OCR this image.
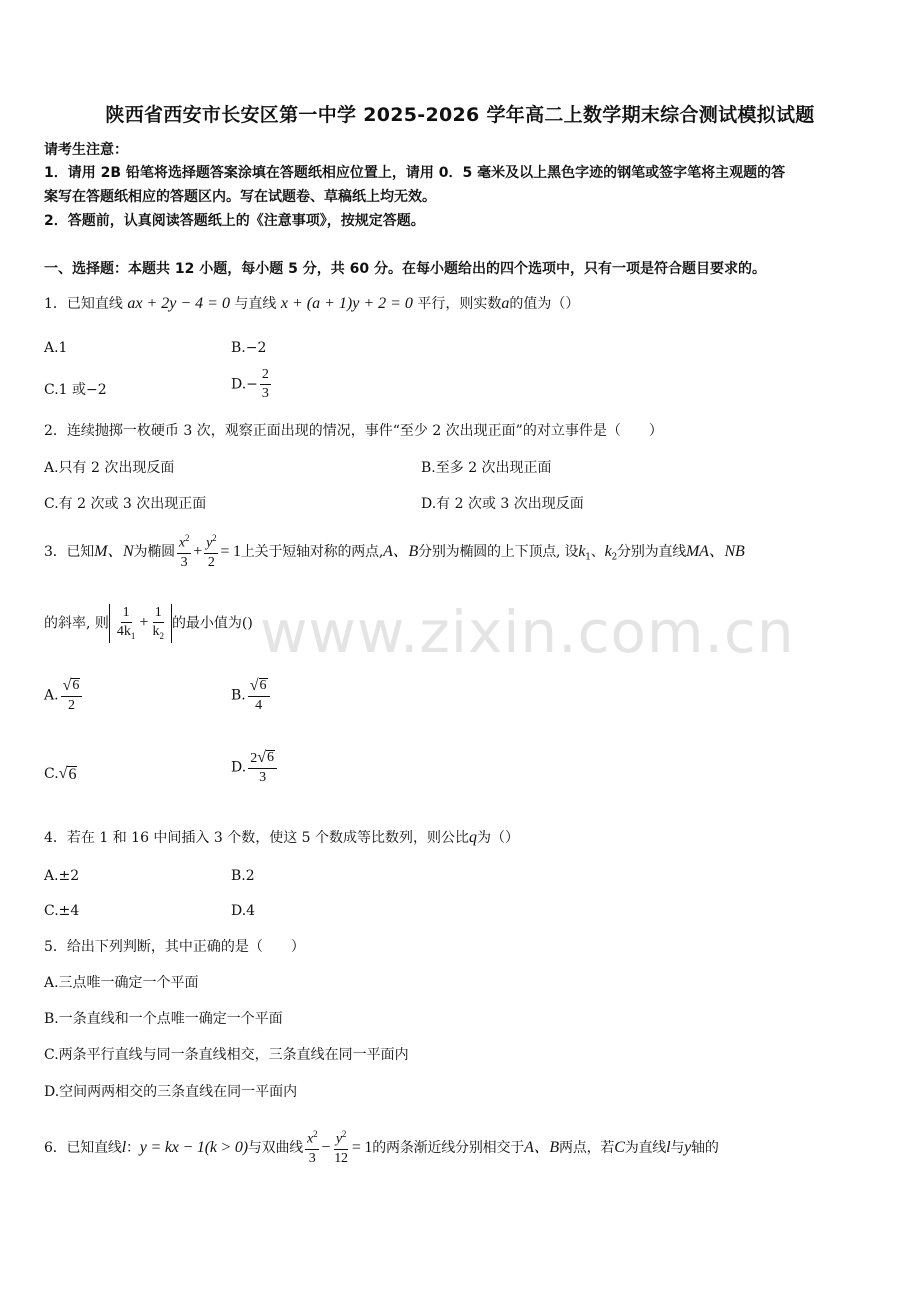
陕西省西安市长安区第一中学 2025-2026 学年高二上数学期末综合测试模拟试题
请考生注意：
1．请用 2B 铅笔将选择题答案涂填在答题纸相应位置上，请用 0．5 毫米及以上黑色字迹的钢笔或签字笔将主观题的答
案写在答题纸相应的答题区内。写在试题卷、草稿纸上均无效。
2．答题前，认真阅读答题纸上的《注意事项》，按规定答题。
一、选择题：本题共 12 小题，每小题 5 分，共 60 分。在每小题给出的四个选项中，只有一项是符合题目要求的。
1．已知直线 ax + 2y − 4 = 0 与直线 x + (a + 1)y + 2 = 0 平行，则实数a的值为（）
A.1	B.−2
C.1 或−2	$D.- \frac{2}{3}$
2．连续抛掷一枚硬币 3 次，观察正面出现的情况，事件“至少 2 次出现正面”的对立事件是（　　）
A.只有 2 次出现反面	B.至多 2 次出现正面
C.有 2 次或 3 次出现正面	D.有 2 次或 3 次出现反面
3．已知M、N为椭圆 $\frac{x^2}{3} + \frac{y^2}{2} = 1$上关于短轴对称的两点,A、B分别为椭圆的上下顶点, 设$k_1$、$k_2$分别为直线MA、NB
的斜率, 则 $\frac{1}{4k_1} + \frac{1}{k_2}$ 的最小值为()
A. $\frac{√ 6}{2}$	B. $\frac{√ 6}{4}$
C. √ 6	D. $\frac{2 √ 6}{3}$
4．若在 1 和 16 中间插入 3 个数，使这 5 个数成等比数列，则公比q为（）
A.±2	B.2
C.±4	D.4
5．给出下列判断，其中正确的是（　　）
A.三点唯一确定一个平面
B.一条直线和一个点唯一确定一个平面
C.两条平行直线与同一条直线相交，三条直线在同一平面内
D.空间两两相交的三条直线在同一平面内
6．已知直线l：y = kx − 1(k > 0)与双曲线 $\frac{x^2}{3} - \frac{y^2}{12} = 1$的两条渐近线分别相交于A、B两点，若C为直线l与y轴的
www.zixin.com.cn
